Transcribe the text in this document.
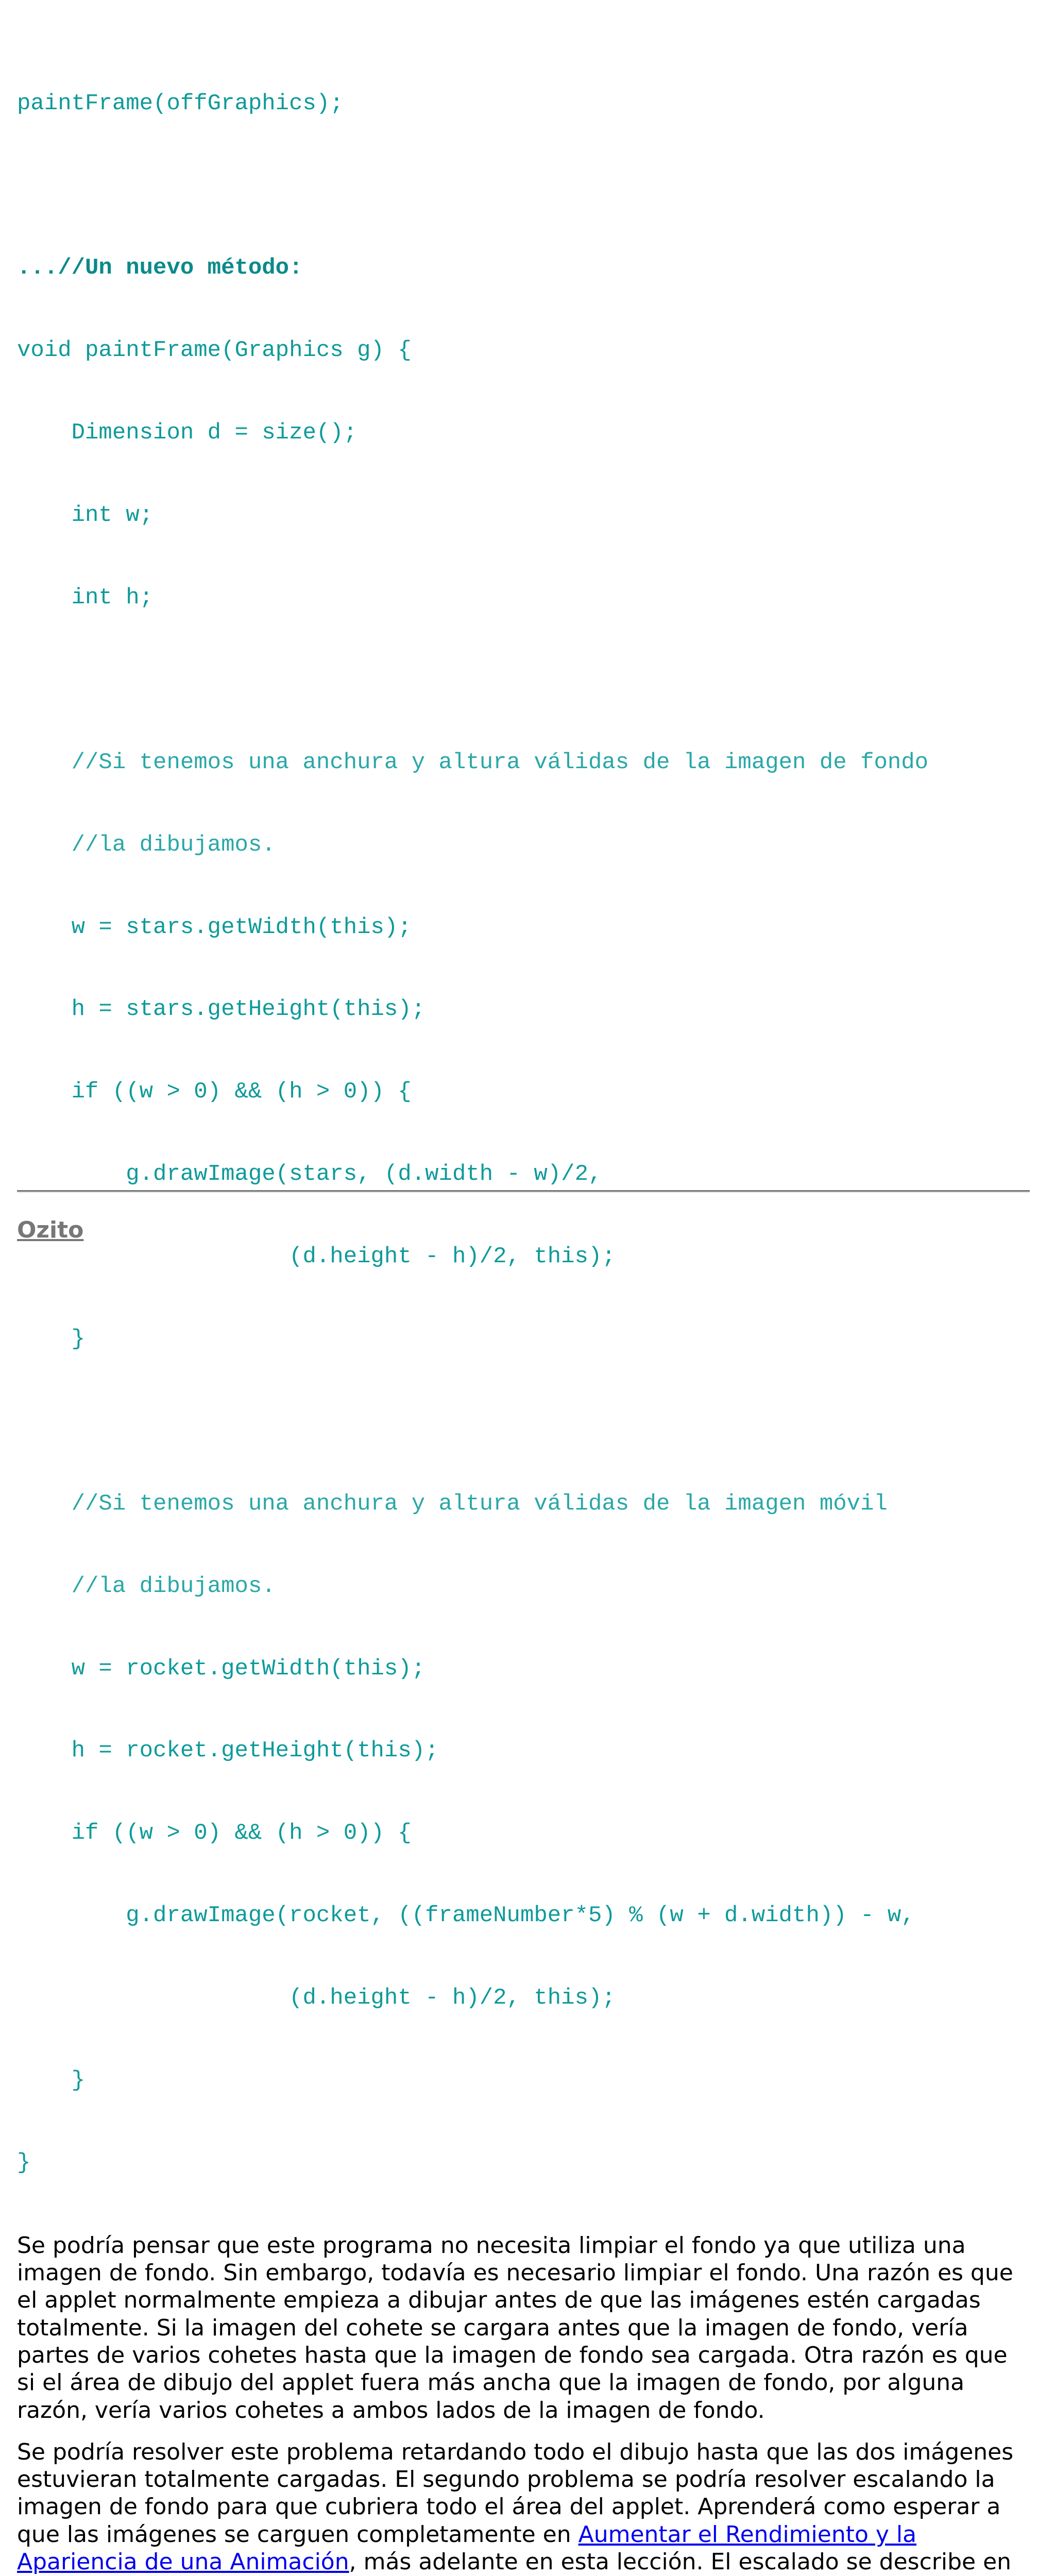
paintFrame(offGraphics);

...//Un nuevo método:

void paintFrame(Graphics g) {

Dimension d = size();

int w;

int h;

//Si tenemos una anchura y altura válidas de la imagen de fondo

//la dibujamos.

w = stars.getWidth(this);

h = stars.getHeight(this);

if ((w > 0) && (h > 0)) {

g.drawImage(stars, (d.width - w)/2,

(d.height - h)/2, this);

}

//Si tenemos una anchura y altura válidas de la imagen móvil

//la dibujamos.

w = rocket.getWidth(this);

h = rocket.getHeight(this);

if ((w > 0) && (h > 0)) {

g.drawImage(rocket, ((frameNumber*5) % (w + d.width)) - w,

(d.height - h)/2, this);

}

}

Se podría pensar que este programa no necesita limpiar el fondo ya que utiliza una imagen de fondo. Sin embargo, todavía es necesario limpiar el fondo. Una razón es que el applet normalmente empieza a dibujar antes de que las imágenes estén cargadas totalmente. Si la imagen del cohete se cargara antes que la imagen de fondo, vería partes de varios cohetes hasta que la imagen de fondo sea cargada. Otra razón es que si el área de dibujo del applet fuera más ancha que la imagen de fondo, por alguna razón, vería varios cohetes a ambos lados de la imagen de fondo.

Se podría resolver este problema retardando todo el dibujo hasta que las dos imágenes estuvieran totalmente cargadas. El segundo problema se podría resolver escalando la imagen de fondo para que cubriera todo el área del applet. Aprenderá como esperar a que las imágenes se carguen completamente en Aumentar el Rendimiento y la Apariencia de una Animación, más adelante en esta lección. El escalado se describe en

Ozito
